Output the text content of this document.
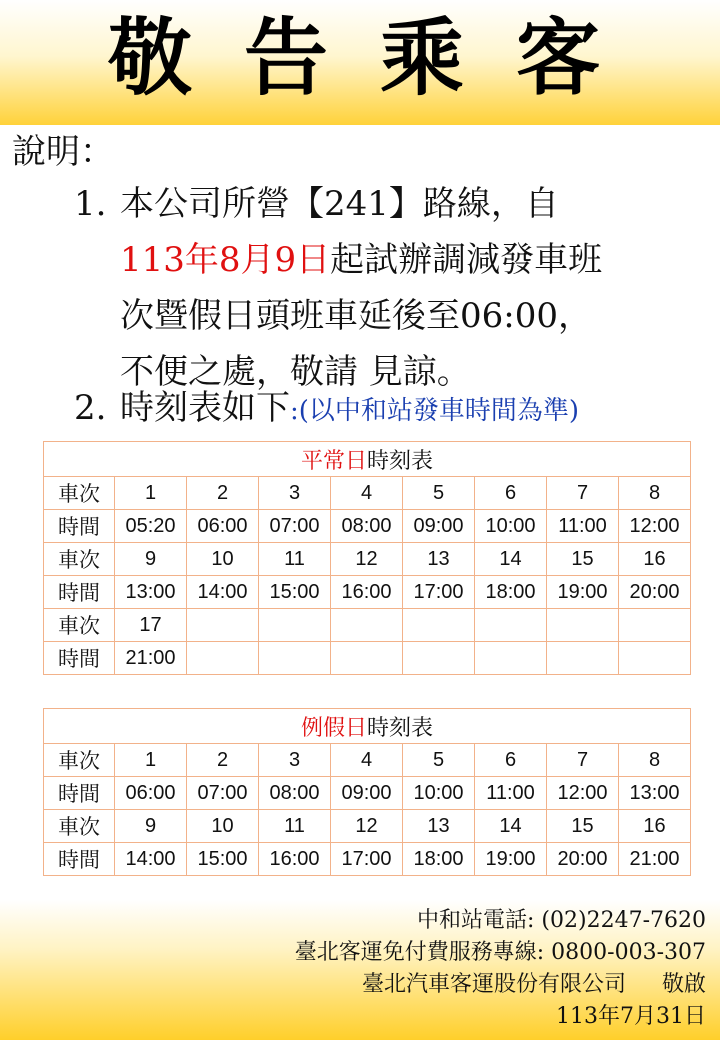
敬告乘客
說明：
1. 本公司所營【241】路線，自
113年8月9日起試辦調減發車班
次暨假日頭班車延後至06:00，
不便之處，敬請 見諒。
2. 時刻表如下:(以中和站發車時間為準)
平常日時刻表								
車次	1	2	3	4	5	6	7	8
時間	05:20	06:00	07:00	08:00	09:00	10:00	11:00	12:00
車次	9	10	11	12	13	14	15	16
時間	13:00	14:00	15:00	16:00	17:00	18:00	19:00	20:00
車次	17							
時間	21:00							
例假日時刻表								
車次	1	2	3	4	5	6	7	8
時間	06:00	07:00	08:00	09:00	10:00	11:00	12:00	13:00
車次	9	10	11	12	13	14	15	16
時間	14:00	15:00	16:00	17:00	18:00	19:00	20:00	21:00
中和站電話: (02)2247-7620
臺北客運免付費服務專線: 0800-003-307
臺北汽車客運股份有限公司 敬啟
113年7月31日
